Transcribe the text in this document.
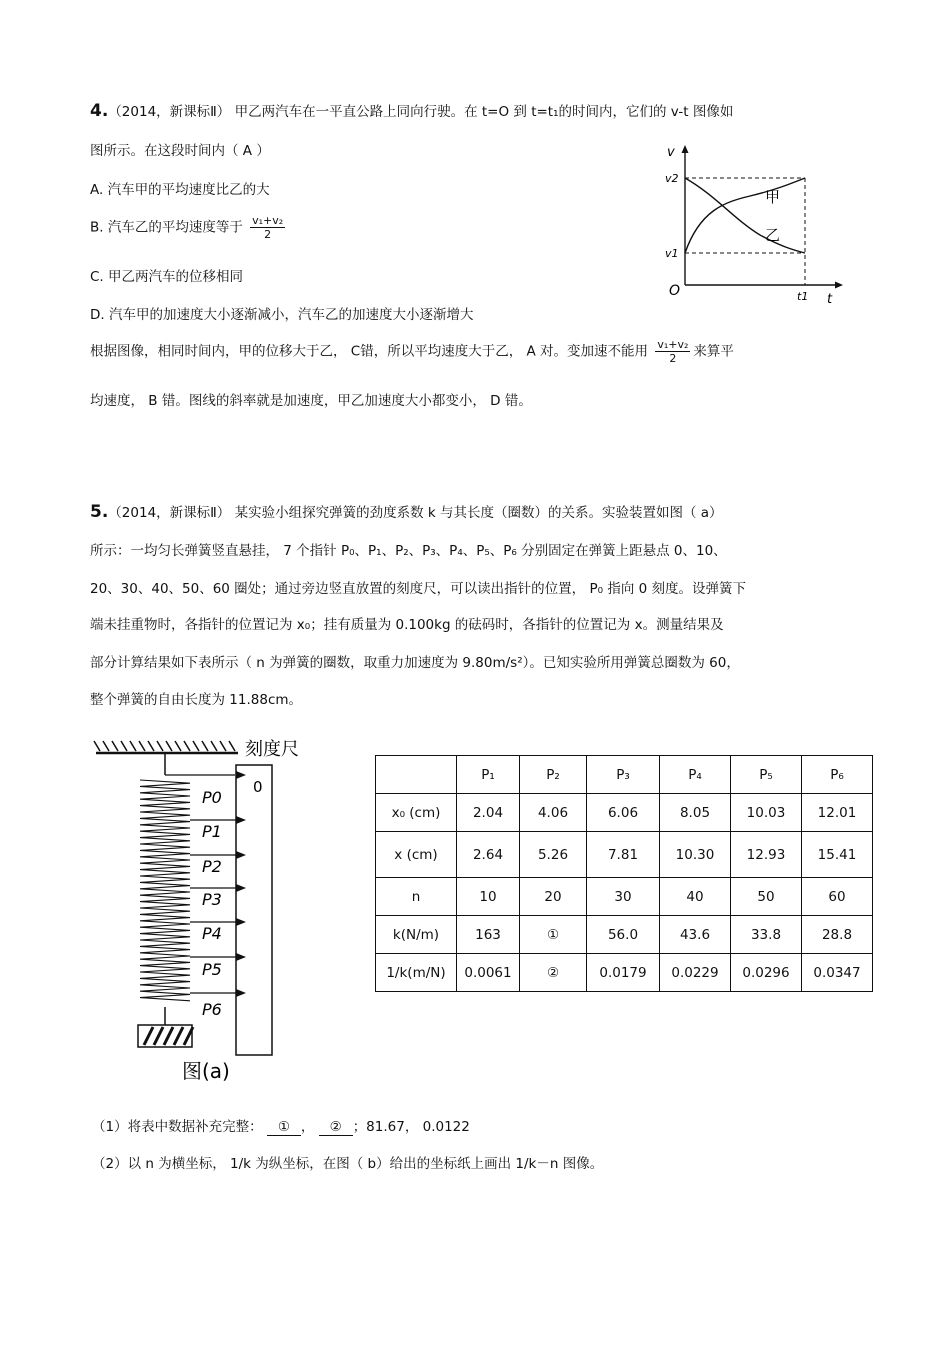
4.（2014，新课标Ⅱ） 甲乙两汽车在一平直公路上同向行驶。在 t=O 到 t=t₁的时间内，它们的 v-t 图像如
图所示。在这段时间内（ A ）
A. 汽车甲的平均速度比乙的大
B. 汽车乙的平均速度等于 $\frac{\text{v₁+v₂}}{2}$
C. 甲乙两汽车的位移相同
D. 汽车甲的加速度大小逐渐减小，汽车乙的加速度大小逐渐增大
根据图像，相同时间内，甲的位移大于乙， C错，所以平均速度大于乙， A 对。变加速不能用 $\frac{\text{v₁+v₂}}{2}$ 来算平
均速度， B 错。图线的斜率就是加速度，甲乙加速度大小都变小， D 错。
v
t
O
v2
v1
t1
甲
乙
5.（2014，新课标Ⅱ） 某实验小组探究弹簧的劲度系数 k 与其长度（圈数）的关系。实验装置如图（ a）
所示：一均匀长弹簧竖直悬挂， 7 个指针 P₀、P₁、P₂、P₃、P₄、P₅、P₆ 分别固定在弹簧上距悬点 0、10、
20、30、40、50、60 圈处；通过旁边竖直放置的刻度尺，可以读出指针的位置， P₀ 指向 0 刻度。设弹簧下
端未挂重物时，各指针的位置记为 x₀；挂有质量为 0.100kg 的砝码时，各指针的位置记为 x。测量结果及
部分计算结果如下表所示（ n 为弹簧的圈数，取重力加速度为 9.80m/s²）。已知实验所用弹簧总圈数为 60，
整个弹簧的自由长度为 11.88cm。
刻度尺
0
P0
P1
P2
P3
P4
P5
P6
图(a)
	P₁	P₂	P₃	P₄	P₅	P₆
x₀ (cm)	2.04	4.06	6.06	8.05	10.03	12.01
x (cm)	2.64	5.26	7.81	10.30	12.93	15.41
n	10	20	30	40	50	60
k(N/m)	163	①	56.0	43.6	33.8	28.8
1/k(m/N)	0.0061	②	0.0179	0.0229	0.0296	0.0347
（1）将表中数据补充完整： ① ， ② ；81.67， 0.0122
（2）以 n 为横坐标， 1/k 为纵坐标，在图（ b）给出的坐标纸上画出 1/k－n 图像。
